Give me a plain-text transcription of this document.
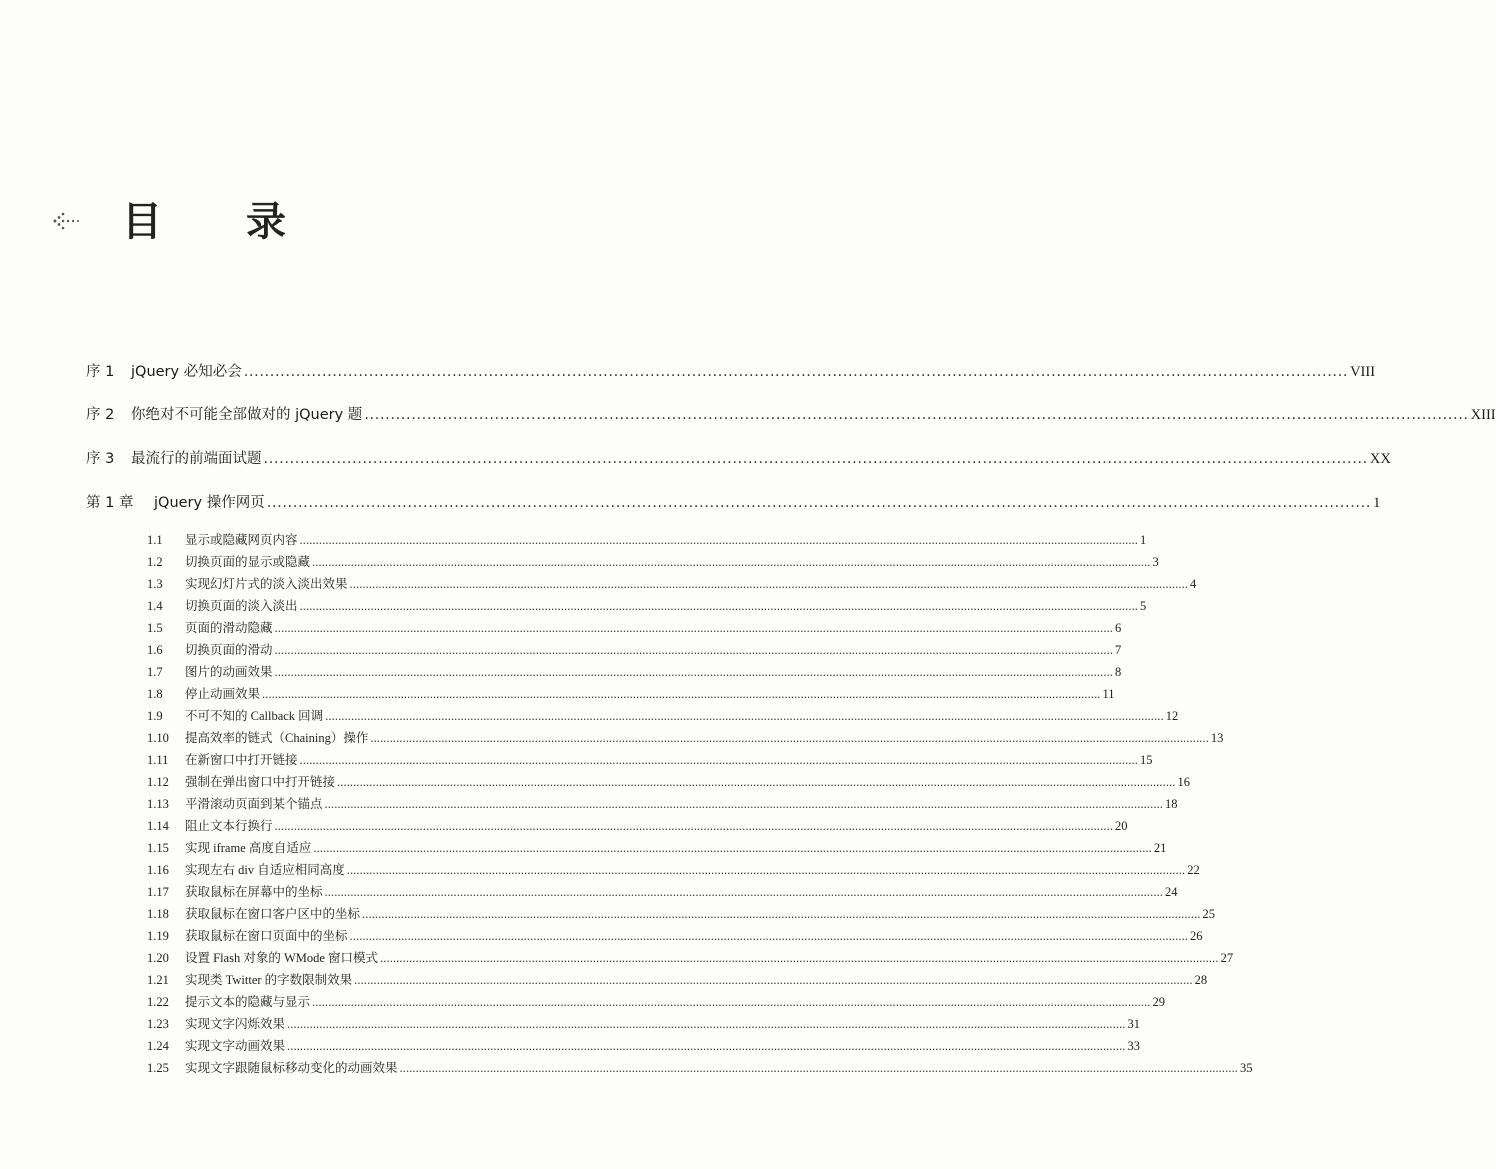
目 录
序 1	jQuery 必知必会 .................................................................................................................................................................................................................... VIII
序 2	你绝对不可能全部做对的 jQuery 题 .................................................................................................................................................................................................................... XIII
序 3	最流行的前端面试题 .................................................................................................................................................................................................................... XX
第 1 章	jQuery 操作网页 .................................................................................................................................................................................................................... 1
1.1	显示或隐藏网页内容 .................................................................................................................................................................................................................................................................... 1
1.2	切换页面的显示或隐藏 .................................................................................................................................................................................................................................................................... 3
1.3	实现幻灯片式的淡入淡出效果 .................................................................................................................................................................................................................................................................... 4
1.4	切换页面的淡入淡出 .................................................................................................................................................................................................................................................................... 5
1.5	页面的滑动隐藏 .................................................................................................................................................................................................................................................................... 6
1.6	切换页面的滑动 .................................................................................................................................................................................................................................................................... 7
1.7	图片的动画效果 .................................................................................................................................................................................................................................................................... 8
1.8	停止动画效果 .................................................................................................................................................................................................................................................................... 11
1.9	不可不知的 Callback 回调 .................................................................................................................................................................................................................................................................... 12
1.10	提高效率的链式（Chaining）操作 .................................................................................................................................................................................................................................................................... 13
1.11	在新窗口中打开链接 .................................................................................................................................................................................................................................................................... 15
1.12	强制在弹出窗口中打开链接 .................................................................................................................................................................................................................................................................... 16
1.13	平滑滚动页面到某个锚点 .................................................................................................................................................................................................................................................................... 18
1.14	阻止文本行换行 .................................................................................................................................................................................................................................................................... 20
1.15	实现 iframe 高度自适应 .................................................................................................................................................................................................................................................................... 21
1.16	实现左右 div 自适应相同高度 .................................................................................................................................................................................................................................................................... 22
1.17	获取鼠标在屏幕中的坐标 .................................................................................................................................................................................................................................................................... 24
1.18	获取鼠标在窗口客户区中的坐标 .................................................................................................................................................................................................................................................................... 25
1.19	获取鼠标在窗口页面中的坐标 .................................................................................................................................................................................................................................................................... 26
1.20	设置 Flash 对象的 WMode 窗口模式 .................................................................................................................................................................................................................................................................... 27
1.21	实现类 Twitter 的字数限制效果 .................................................................................................................................................................................................................................................................... 28
1.22	提示文本的隐藏与显示 .................................................................................................................................................................................................................................................................... 29
1.23	实现文字闪烁效果 .................................................................................................................................................................................................................................................................... 31
1.24	实现文字动画效果 .................................................................................................................................................................................................................................................................... 33
1.25	实现文字跟随鼠标移动变化的动画效果 .................................................................................................................................................................................................................................................................... 35
